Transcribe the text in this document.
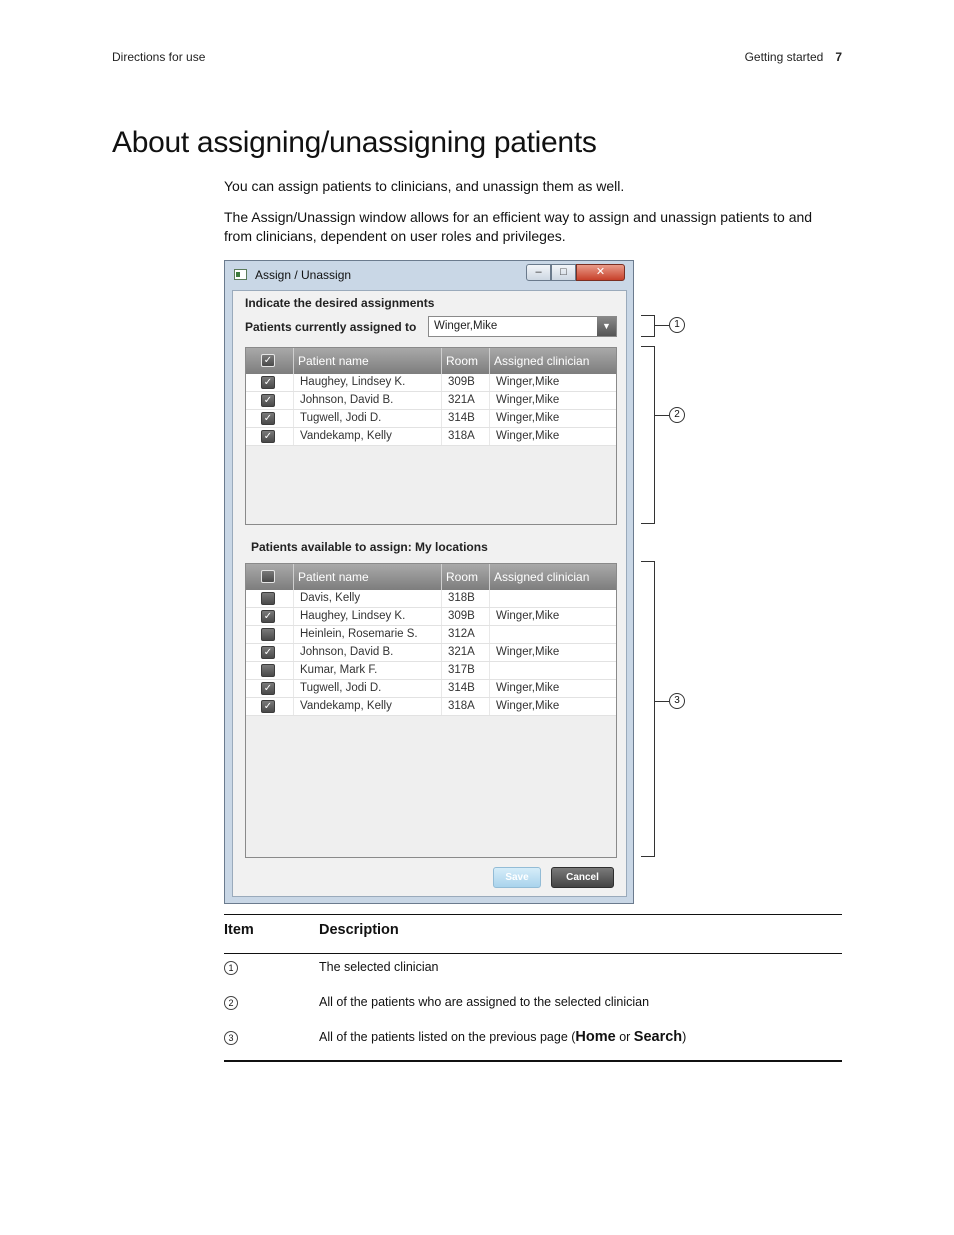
Directions for use	Getting started 7
About assigning/unassigning patients

You can assign patients to clinicians, and unassign them as well.

The Assign/Unassign window allows for an efficient way to assign and unassign patients to and from clinicians, dependent on user roles and privileges.

Assign / Unassign	–	□	✕
Indicate the desired assignments
Patients currently assigned to Winger,Mike	▼
✓	Patient name	Room	Assigned clinician
✓	Haughey, Lindsey K.	309B	Winger,Mike
✓	Johnson, David B.	321A	Winger,Mike
✓	Tugwell, Jodi D.	314B	Winger,Mike
✓	Vandekamp, Kelly	318A	Winger,Mike
Patients available to assign: My locations
Patient name	Room	Assigned clinician
Davis, Kelly	318B
✓	Haughey, Lindsey K.	309B	Winger,Mike
Heinlein, Rosemarie S.	312A
✓	Johnson, David B.	321A	Winger,Mike
Kumar, Mark F.	317B
✓	Tugwell, Jodi D.	314B	Winger,Mike
✓	Vandekamp, Kelly	318A	Winger,Mike
Save	Cancel
1
2
3
Item	Description
1	The selected clinician
2	All of the patients who are assigned to the selected clinician
3	All of the patients listed on the previous page (Home or Search)
